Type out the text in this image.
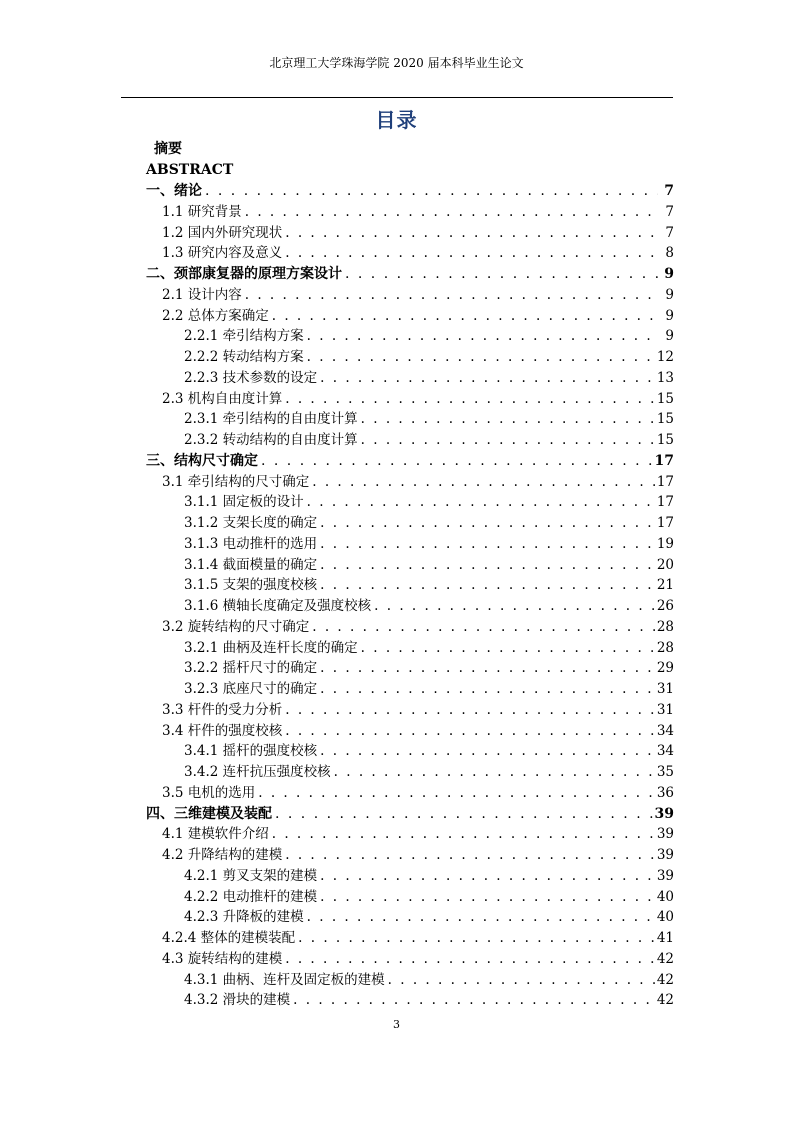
北京理工大学珠海学院 2020 届本科毕业生论文
目录
摘要
ABSTRACT
一、绪论 . . .	7
1.1 研究背景 . . .	7
1.2 国内外研究现状 . . .	7
1.3 研究内容及意义 . . .	8
二、颈部康复器的原理方案设计 . . .	9
2.1 设计内容 . . .	9
2.2 总体方案确定 . . .	9
2.2.1 牵引结构方案 . . .	9
2.2.2 转动结构方案 . . .	12
2.2.3 技术参数的设定 . . .	13
2.3 机构自由度计算 . . .	15
2.3.1 牵引结构的自由度计算 . . .	15
2.3.2 转动结构的自由度计算 . . .	15
三、结构尺寸确定 . . .	17
3.1 牵引结构的尺寸确定 . . .	17
3.1.1 固定板的设计 . . .	17
3.1.2 支架长度的确定 . . .	17
3.1.3 电动推杆的选用 . . .	19
3.1.4 截面模量的确定 . . .	20
3.1.5 支架的强度校核 . . .	21
3.1.6 横轴长度确定及强度校核 . . .	26
3.2 旋转结构的尺寸确定 . . .	28
3.2.1 曲柄及连杆长度的确定 . . .	28
3.2.2 摇杆尺寸的确定 . . .	29
3.2.3 底座尺寸的确定 . . .	31
3.3 杆件的受力分析 . . .	31
3.4 杆件的强度校核 . . .	34
3.4.1 摇杆的强度校核 . . .	34
3.4.2 连杆抗压强度校核 . . .	35
3.5 电机的选用 . . .	36
四、三维建模及装配 . . .	39
4.1 建模软件介绍 . . .	39
4.2 升降结构的建模 . . .	39
4.2.1 剪叉支架的建模 . . .	39
4.2.2 电动推杆的建模 . . .	40
4.2.3 升降板的建模 . . .	40
4.2.4 整体的建模装配 . . .	41
4.3 旋转结构的建模 . . .	42
4.3.1 曲柄、连杆及固定板的建模 . . .	42
4.3.2 滑块的建模 . . .	42
3
